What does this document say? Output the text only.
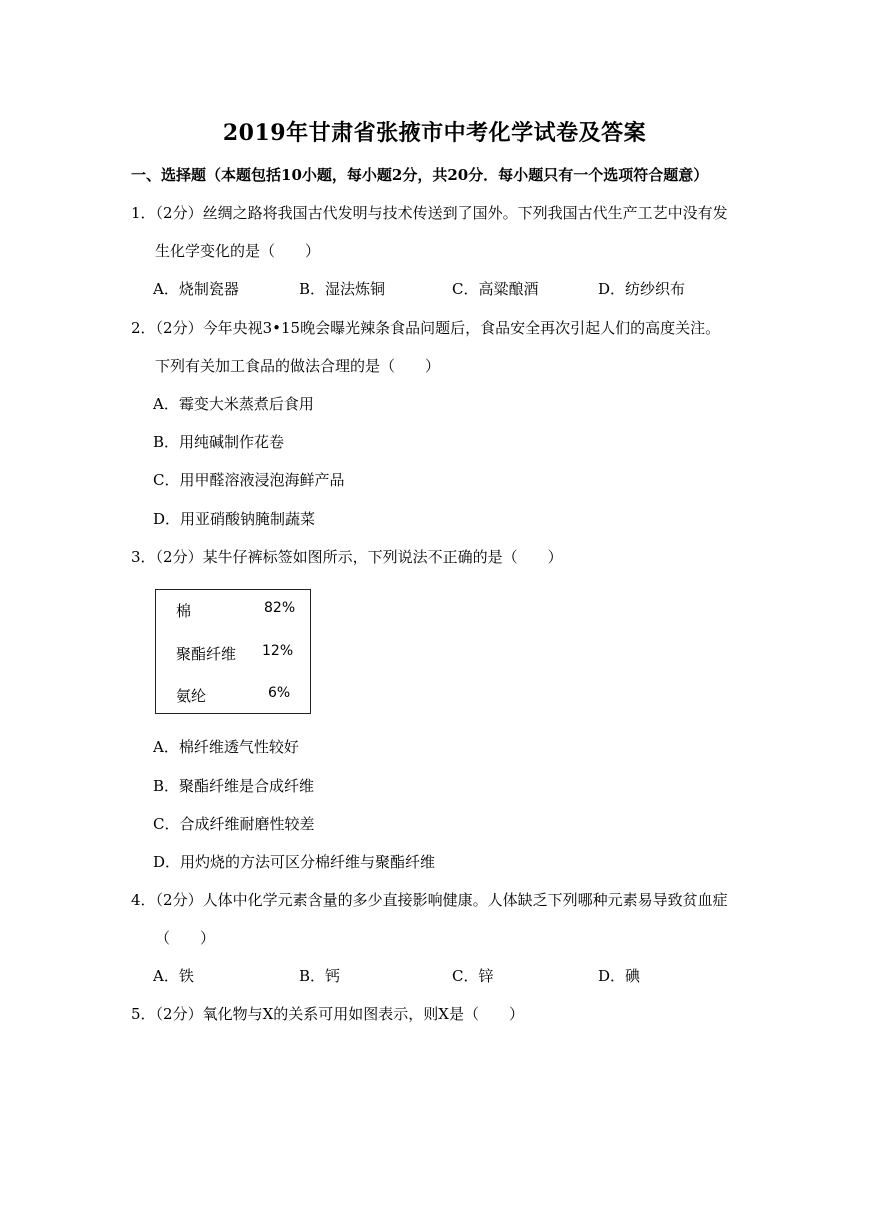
2019年甘肃省张掖市中考化学试卷及答案
一、选择题（本题包括10小题，每小题2分，共20分．每小题只有一个选项符合题意）
1．（2分）丝绸之路将我国古代发明与技术传送到了国外。下列我国古代生产工艺中没有发
生化学变化的是（　　）
A．烧制瓷器	B．湿法炼铜	C．高粱酿酒	D．纺纱织布
2．（2分）今年央视3•15晚会曝光辣条食品问题后，食品安全再次引起人们的高度关注。
下列有关加工食品的做法合理的是（　　）
A．霉变大米蒸煮后食用
B．用纯碱制作花卷
C．用甲醛溶液浸泡海鲜产品
D．用亚硝酸钠腌制蔬菜
3．（2分）某牛仔裤标签如图所示，下列说法不正确的是（　　）
棉	82%
聚酯纤维 12%
氨纶	6%
A．棉纤维透气性较好
B．聚酯纤维是合成纤维
C．合成纤维耐磨性较差
D．用灼烧的方法可区分棉纤维与聚酯纤维
4．（2分）人体中化学元素含量的多少直接影响健康。人体缺乏下列哪种元素易导致贫血症
（　　）
A．铁	B．钙	C．锌	D．碘
5．（2分）氧化物与X的关系可用如图表示，则X是（　　）
